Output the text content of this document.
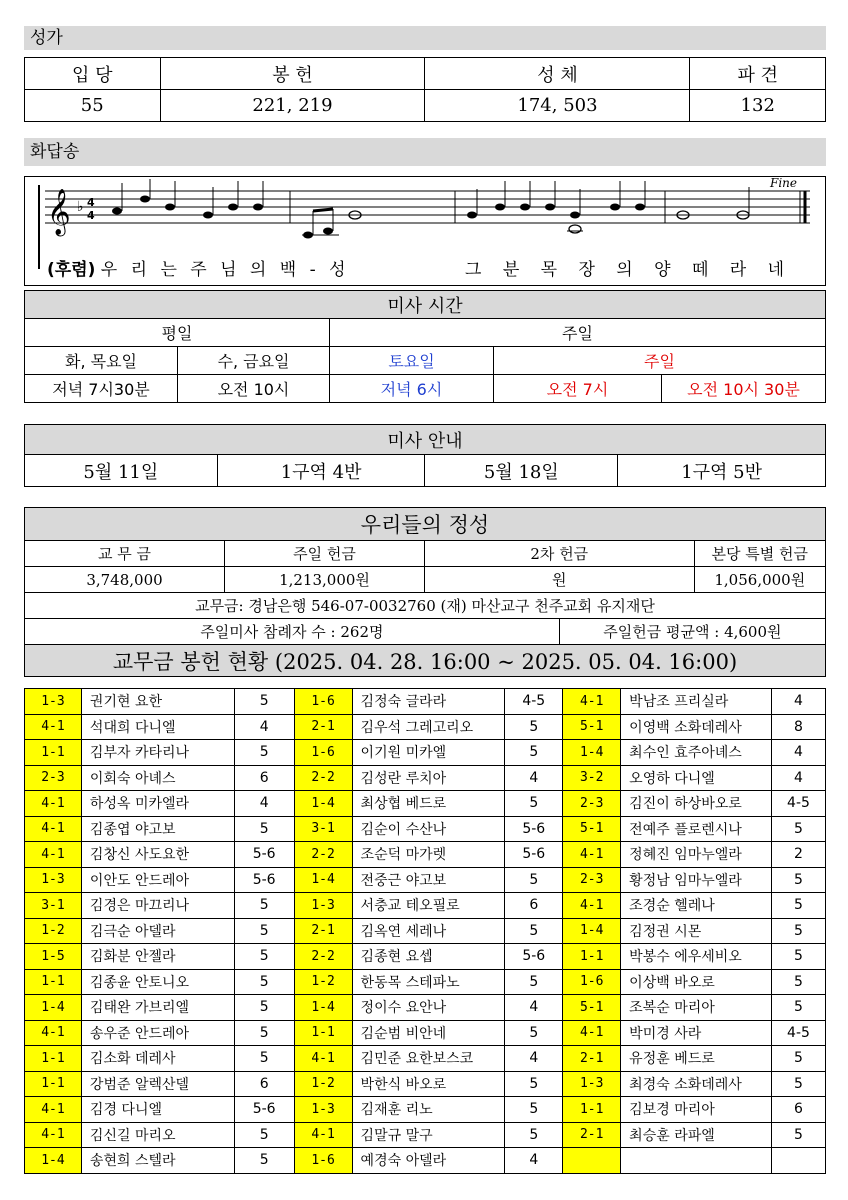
성가
입 당	봉 헌	성 체	파 견
55	221, 219	174, 503	132
화답송
𝄞 ♭ 4
4
Fine
(후렴) 우 리 는 주 님 의 백 - 성	그 분 목 장 의 양 떼 라 네
미사 시간				
평일		주일		
화, 목요일	수, 금요일	토요일	주일	
저녁 7시30분	오전 10시	저녁 6시	오전 7시	오전 10시 30분
미사 안내
5월 11일	1구역 4반	5월 18일	1구역 5반
우리들의 정성				
교 무 금	주일 헌금	2차 헌금		본당 특별 헌금
3,748,000	1,213,000원	원		1,056,000원
교무금: 경남은행 546-07-0032760 (재) 마산교구 천주교회 유지재단				
주일미사 참례자 수 : 262명			주일헌금 평균액 : 4,600원	
교무금 봉헌 현황 (2025. 04. 28. 16:00 ~ 2025. 05. 04. 16:00)				
1-3	권기현 요한	5	1-6	김정숙 글라라	4-5	4-1	박남조 프리실라	4
4-1	석대희 다니엘	4	2-1	김우석 그레고리오	5	5-1	이영백 소화데레사	8
1-1	김부자 카타리나	5	1-6	이기원 미카엘	5	1-4	최수인 효주아녜스	4
2-3	이회숙 아녜스	6	2-2	김성란 루치아	4	3-2	오영하 다니엘	4
4-1	하성옥 미카엘라	4	1-4	최상협 베드로	5	2-3	김진이 하상바오로	4-5
4-1	김종엽 야고보	5	3-1	김순이 수산나	5-6	5-1	전예주 플로렌시나	5
4-1	김창신 사도요한	5-6	2-2	조순덕 마가렛	5-6	4-1	정혜진 임마누엘라	2
1-3	이안도 안드레아	5-6	1-4	전중근 야고보	5	2-3	황정남 임마누엘라	5
3-1	김경은 마끄리나	5	1-3	서충교 테오필로	6	4-1	조경순 헬레나	5
1-2	김극순 아델라	5	2-1	김옥연 세레나	5	1-4	김정권 시몬	5
1-5	김화분 안젤라	5	2-2	김종현 요셉	5-6	1-1	박봉수 에우세비오	5
1-1	김종윤 안토니오	5	1-2	한동목 스테파노	5	1-6	이상백 바오로	5
1-4	김태완 가브리엘	5	1-4	정이수 요안나	4	5-1	조복순 마리아	5
4-1	송우준 안드레아	5	1-1	김순범 비안네	5	4-1	박미경 사라	4-5
1-1	김소화 데레사	5	4-1	김민준 요한보스코	4	2-1	유정훈 베드로	5
1-1	강범준 알렉산델	6	1-2	박한식 바오로	5	1-3	최경숙 소화데레사	5
4-1	김경 다니엘	5-6	1-3	김재훈 리노	5	1-1	김보경 마리아	6
4-1	김신길 마리오	5	4-1	김말규 말구	5	2-1	최승훈 라파엘	5
1-4	송현희 스텔라	5	1-6	예경숙 아델라	4			
